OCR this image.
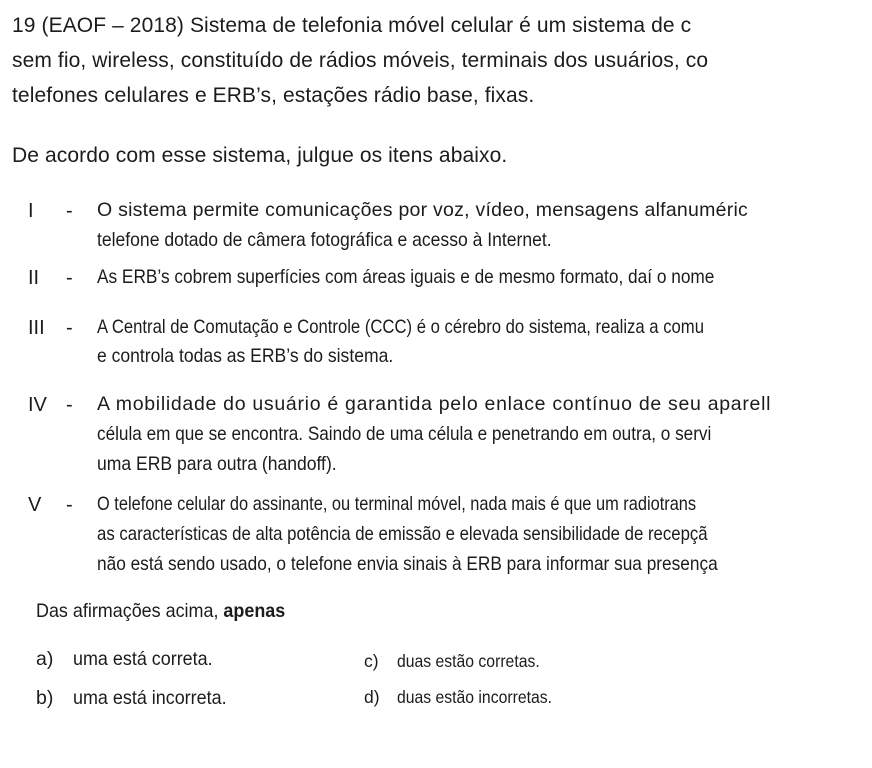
19 (EAOF – 2018) Sistema de telefonia móvel celular é um sistema de c
sem fio, wireless, constituído de rádios móveis, terminais dos usuários, co
telefones celulares e ERB’s, estações rádio base, fixas.
De acordo com esse sistema, julgue os itens abaixo.
I - O sistema permite comunicações por voz, vídeo, mensagens alfanuméric
telefone dotado de câmera fotográfica e acesso à Internet.
II - As ERB’s cobrem superfícies com áreas iguais e de mesmo formato, daí o nome
III - A Central de Comutação e Controle (CCC) é o cérebro do sistema, realiza a comu
e controla todas as ERB’s do sistema.
IV - A mobilidade do usuário é garantida pelo enlace contínuo de seu aparell
célula em que se encontra. Saindo de uma célula e penetrando em outra, o servi
uma ERB para outra (handoff).
V - O telefone celular do assinante, ou terminal móvel, nada mais é que um radiotrans
as características de alta potência de emissão e elevada sensibilidade de recepçã
não está sendo usado, o telefone envia sinais à ERB para informar sua presença
Das afirmações acima, apenas
a) uma está correta.
b) uma está incorreta.
c) duas estão corretas.
d) duas estão incorretas.
